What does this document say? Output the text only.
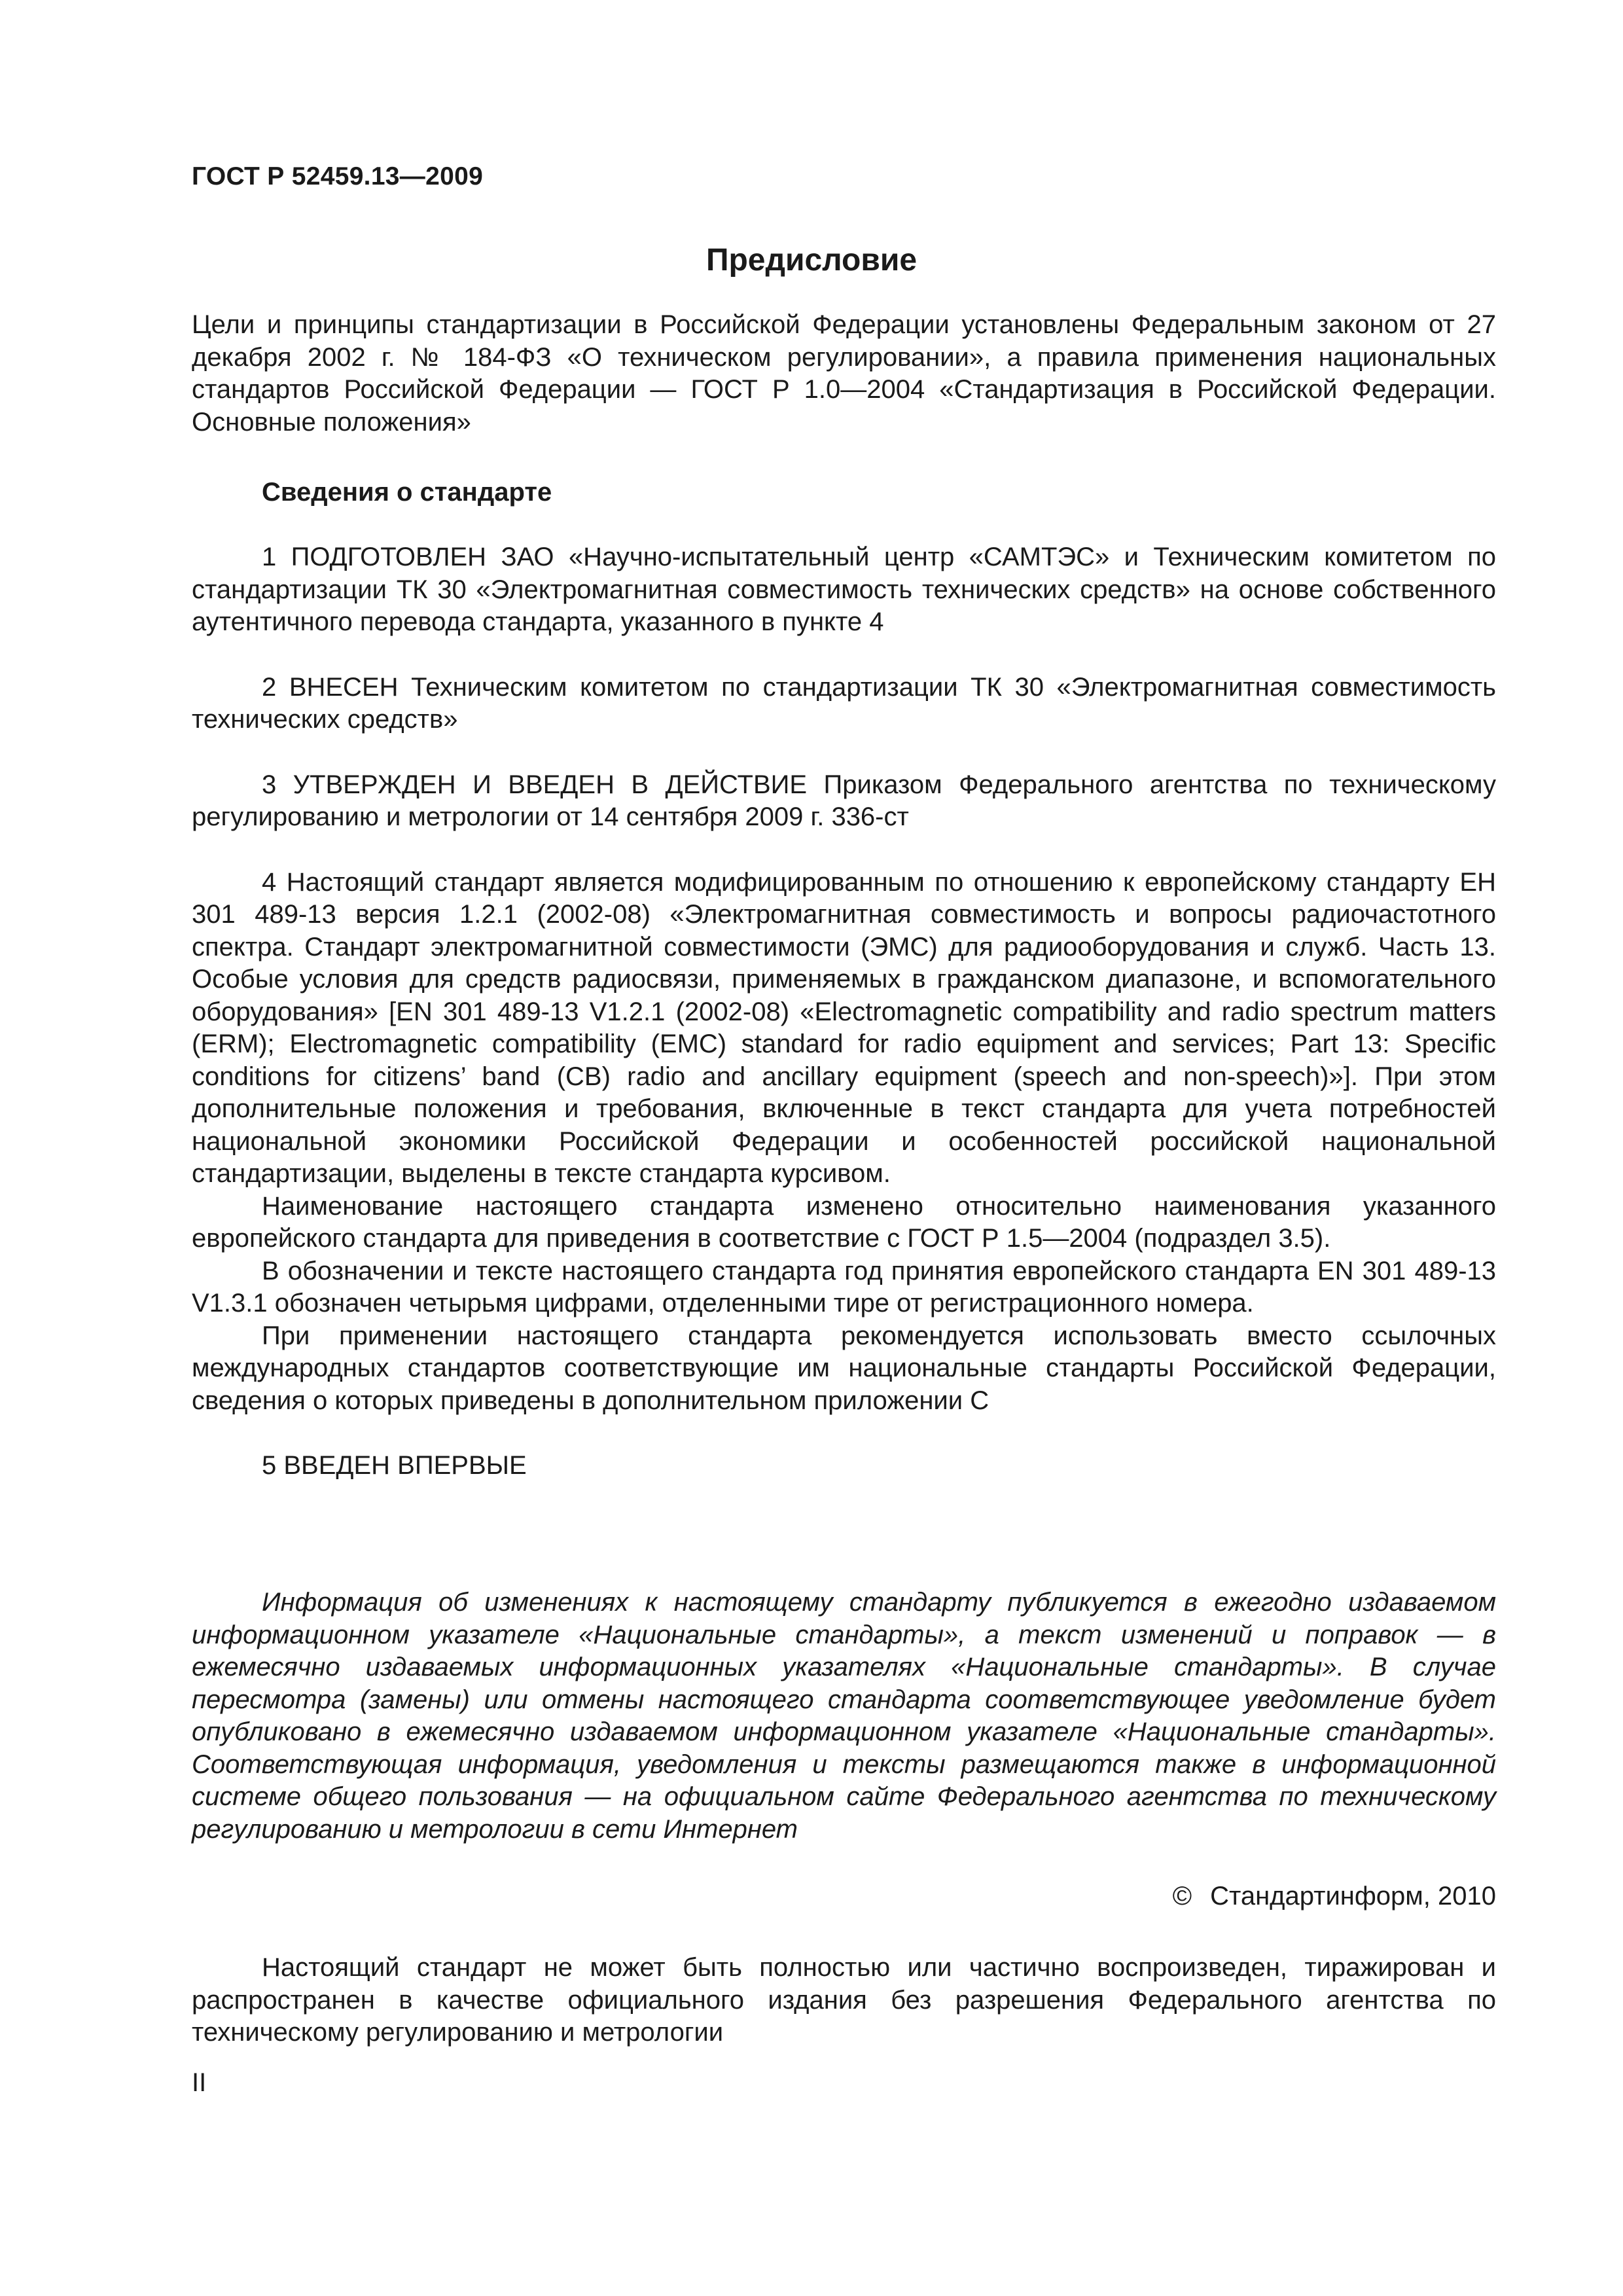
ГОСТ Р 52459.13—2009
Предисловие
Цели и принципы стандартизации в Российской Федерации установлены Федеральным законом от 27 декабря 2002 г. № 184-ФЗ «О техническом регулировании», а правила применения национальных стандартов Российской Федерации — ГОСТ Р 1.0—2004 «Стандартизация в Российской Федерации. Основные положения»
Сведения о стандарте

1 ПОДГОТОВЛЕН ЗАО «Научно-испытательный центр «САМТЭС» и Техническим комитетом по стандартизации ТК 30 «Электромагнитная совместимость технических средств» на основе собственного аутентичного перевода стандарта, указанного в пункте 4

2 ВНЕСЕН Техническим комитетом по стандартизации ТК 30 «Электромагнитная совместимость технических средств»

3 УТВЕРЖДЕН И ВВЕДЕН В ДЕЙСТВИЕ Приказом Федерального агентства по техническому регулированию и метрологии от 14 сентября 2009 г. 336-ст

4 Настоящий стандарт является модифицированным по отношению к европейскому стандарту ЕН 301 489-13 версия 1.2.1 (2002-08) «Электромагнитная совместимость и вопросы радиочастотного спектра. Стандарт электромагнитной совместимости (ЭМС) для радиооборудования и служб. Часть 13. Особые условия для средств радиосвязи, применяемых в гражданском диапазоне, и вспомогательного оборудования» [EN 301 489-13 V1.2.1 (2002-08) «Electromagnetic compatibility and radio spectrum matters (ERM); Electromagnetic compatibility (EMC) standard for radio equipment and services; Part 13: Specific conditions for citizens’ band (CB) radio and ancillary equipment (speech and non-speech)»]. При этом дополнительные положения и требования, включенные в текст стандарта для учета потребностей национальной экономики Российской Федерации и особенностей российской национальной стандартизации, выделены в тексте стандарта курсивом.

Наименование настоящего стандарта изменено относительно наименования указанного европейского стандарта для приведения в соответствие с ГОСТ Р 1.5—2004 (подраздел 3.5).

В обозначении и тексте настоящего стандарта год принятия европейского стандарта EN 301 489-13 V1.3.1 обозначен четырьмя цифрами, отделенными тире от регистрационного номера.

При применении настоящего стандарта рекомендуется использовать вместо ссылочных международных стандартов соответствующие им национальные стандарты Российской Федерации, сведения о которых приведены в дополнительном приложении С

5 ВВЕДЕН ВПЕРВЫЕ

Информация об изменениях к настоящему стандарту публикуется в ежегодно издаваемом информационном указателе «Национальные стандарты», а текст изменений и поправок — в ежемесячно издаваемых информационных указателях «Национальные стандарты». В случае пересмотра (замены) или отмены настоящего стандарта соответствующее уведомление будет опубликовано в ежемесячно издаваемом информационном указателе «Национальные стандарты». Соответствующая информация, уведомления и тексты размещаются также в информационной системе общего пользования — на официальном сайте Федерального агентства по техническому регулированию и метрологии в сети Интернет
© Стандартинформ, 2010
Настоящий стандарт не может быть полностью или частично воспроизведен, тиражирован и распространен в качестве официального издания без разрешения Федерального агентства по техническому регулированию и метрологии
II
